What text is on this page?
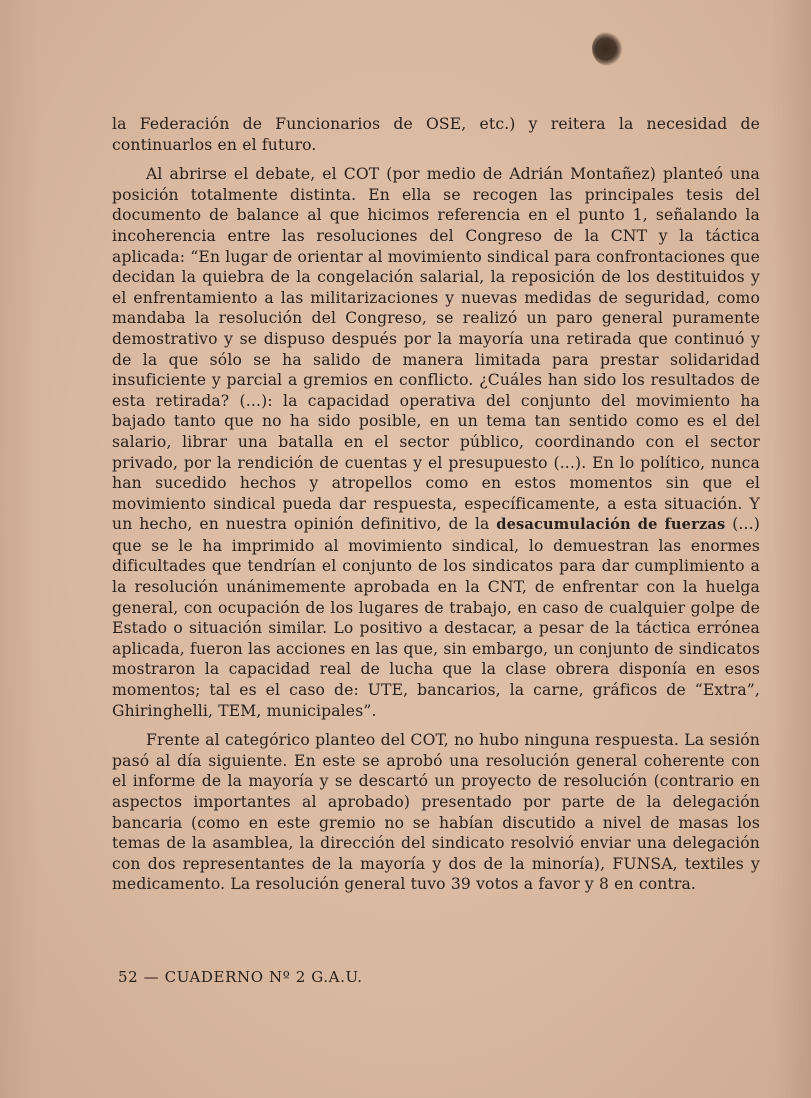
la Federación de Funcionarios de OSE, etc.) y reitera la necesidad de continuarlos en el futuro.

Al abrirse el debate, el COT (por medio de Adrián Montañez) planteó una posición totalmente distinta. En ella se recogen las principales tesis del documento de balance al que hicimos referencia en el punto 1, señalando la incoherencia entre las resoluciones del Congreso de la CNT y la táctica aplicada: “En lugar de orientar al movimiento sindical para confrontaciones que decidan la quiebra de la congelación salarial, la reposición de los destituidos y el enfrentamiento a las militarizaciones y nuevas medidas de seguridad, como mandaba la resolución del Congreso, se realizó un paro general puramente demostrativo y se dispuso después por la mayoría una retirada que continuó y de la que sólo se ha salido de manera limitada para prestar solidaridad insuficiente y parcial a gremios en conflicto. ¿Cuáles han sido los resultados de esta retirada? (...): la capacidad operativa del conjunto del movimiento ha bajado tanto que no ha sido posible, en un tema tan sentido como es el del salario, librar una batalla en el sector público, coordinando con el sector privado, por la rendición de cuentas y el presupuesto (...). En lo político, nunca han sucedido hechos y atropellos como en estos momentos sin que el movimiento sindical pueda dar respuesta, específicamente, a esta situación. Y un hecho, en nuestra opinión definitivo, de la desacumulación de fuerzas (...) que se le ha imprimido al movimiento sindical, lo demuestran las enormes dificultades que tendrían el conjunto de los sindicatos para dar cumplimiento a la resolución unánimemente aprobada en la CNT, de enfrentar con la huelga general, con ocupación de los lugares de trabajo, en caso de cualquier golpe de Estado o situación similar. Lo positivo a destacar, a pesar de la táctica errónea aplicada, fueron las acciones en las que, sin embargo, un conjunto de sindicatos mostraron la capacidad real de lucha que la clase obrera disponía en esos momentos; tal es el caso de: UTE, bancarios, la carne, gráficos de “Extra”, Ghiringhelli, TEM, municipales”.

Frente al categórico planteo del COT, no hubo ninguna respuesta. La sesión pasó al día siguiente. En este se aprobó una resolución general coherente con el informe de la mayoría y se descartó un proyecto de resolución (contrario en aspectos importantes al aprobado) presentado por parte de la delegación bancaria (como en este gremio no se habían discutido a nivel de masas los temas de la asamblea, la dirección del sindicato resolvió enviar una delegación con dos representantes de la mayoría y dos de la minoría), FUNSA, textiles y medicamento. La resolución general tuvo 39 votos a favor y 8 en contra.

52 — CUADERNO Nº 2 G.A.U.
